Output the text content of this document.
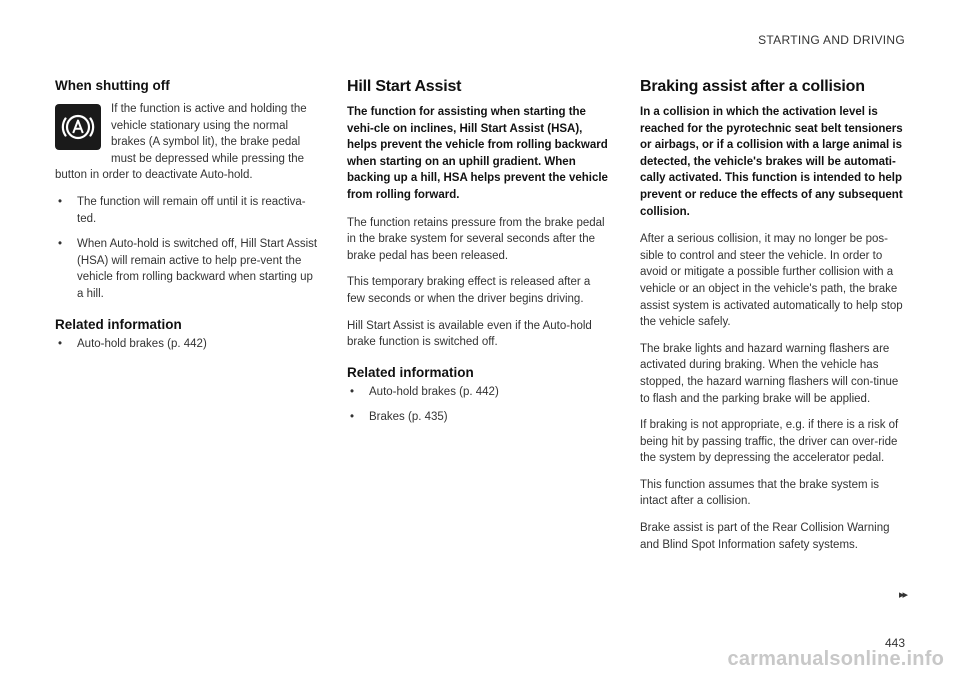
STARTING AND DRIVING
When shutting off

If the function is active and holding the vehicle stationary using the normal brakes (A symbol lit), the brake pedal must be depressed while pressing the button in order to deactivate Auto-hold.

• The function will remain off until it is reactiva-ted.
• When Auto-hold is switched off, Hill Start Assist (HSA) will remain active to help pre-vent the vehicle from rolling backward when starting up a hill.
Related information
• Auto-hold brakes (p. 442)
Hill Start Assist

The function for assisting when starting the vehi-cle on inclines, Hill Start Assist (HSA), helps prevent the vehicle from rolling backward when starting on an uphill gradient. When backing up a hill, HSA helps prevent the vehicle from rolling forward.

The function retains pressure from the brake pedal in the brake system for several seconds after the brake pedal has been released.

This temporary braking effect is released after a few seconds or when the driver begins driving.

Hill Start Assist is available even if the Auto-hold brake function is switched off.

Related information
• Auto-hold brakes (p. 442)
• Brakes (p. 435)
Braking assist after a collision

In a collision in which the activation level is reached for the pyrotechnic seat belt tensioners or airbags, or if a collision with a large animal is detected, the vehicle's brakes will be automati-cally activated. This function is intended to help prevent or reduce the effects of any subsequent collision.

After a serious collision, it may no longer be pos-sible to control and steer the vehicle. In order to avoid or mitigate a possible further collision with a vehicle or an object in the vehicle's path, the brake assist system is activated automatically to help stop the vehicle safely.

The brake lights and hazard warning flashers are activated during braking. When the vehicle has stopped, the hazard warning flashers will con-tinue to flash and the parking brake will be applied.

If braking is not appropriate, e.g. if there is a risk of being hit by passing traffic, the driver can over-ride the system by depressing the accelerator pedal.

This function assumes that the brake system is intact after a collision.

Brake assist is part of the Rear Collision Warning and Blind Spot Information safety systems.

▸▸
443
carmanualsonline.info
